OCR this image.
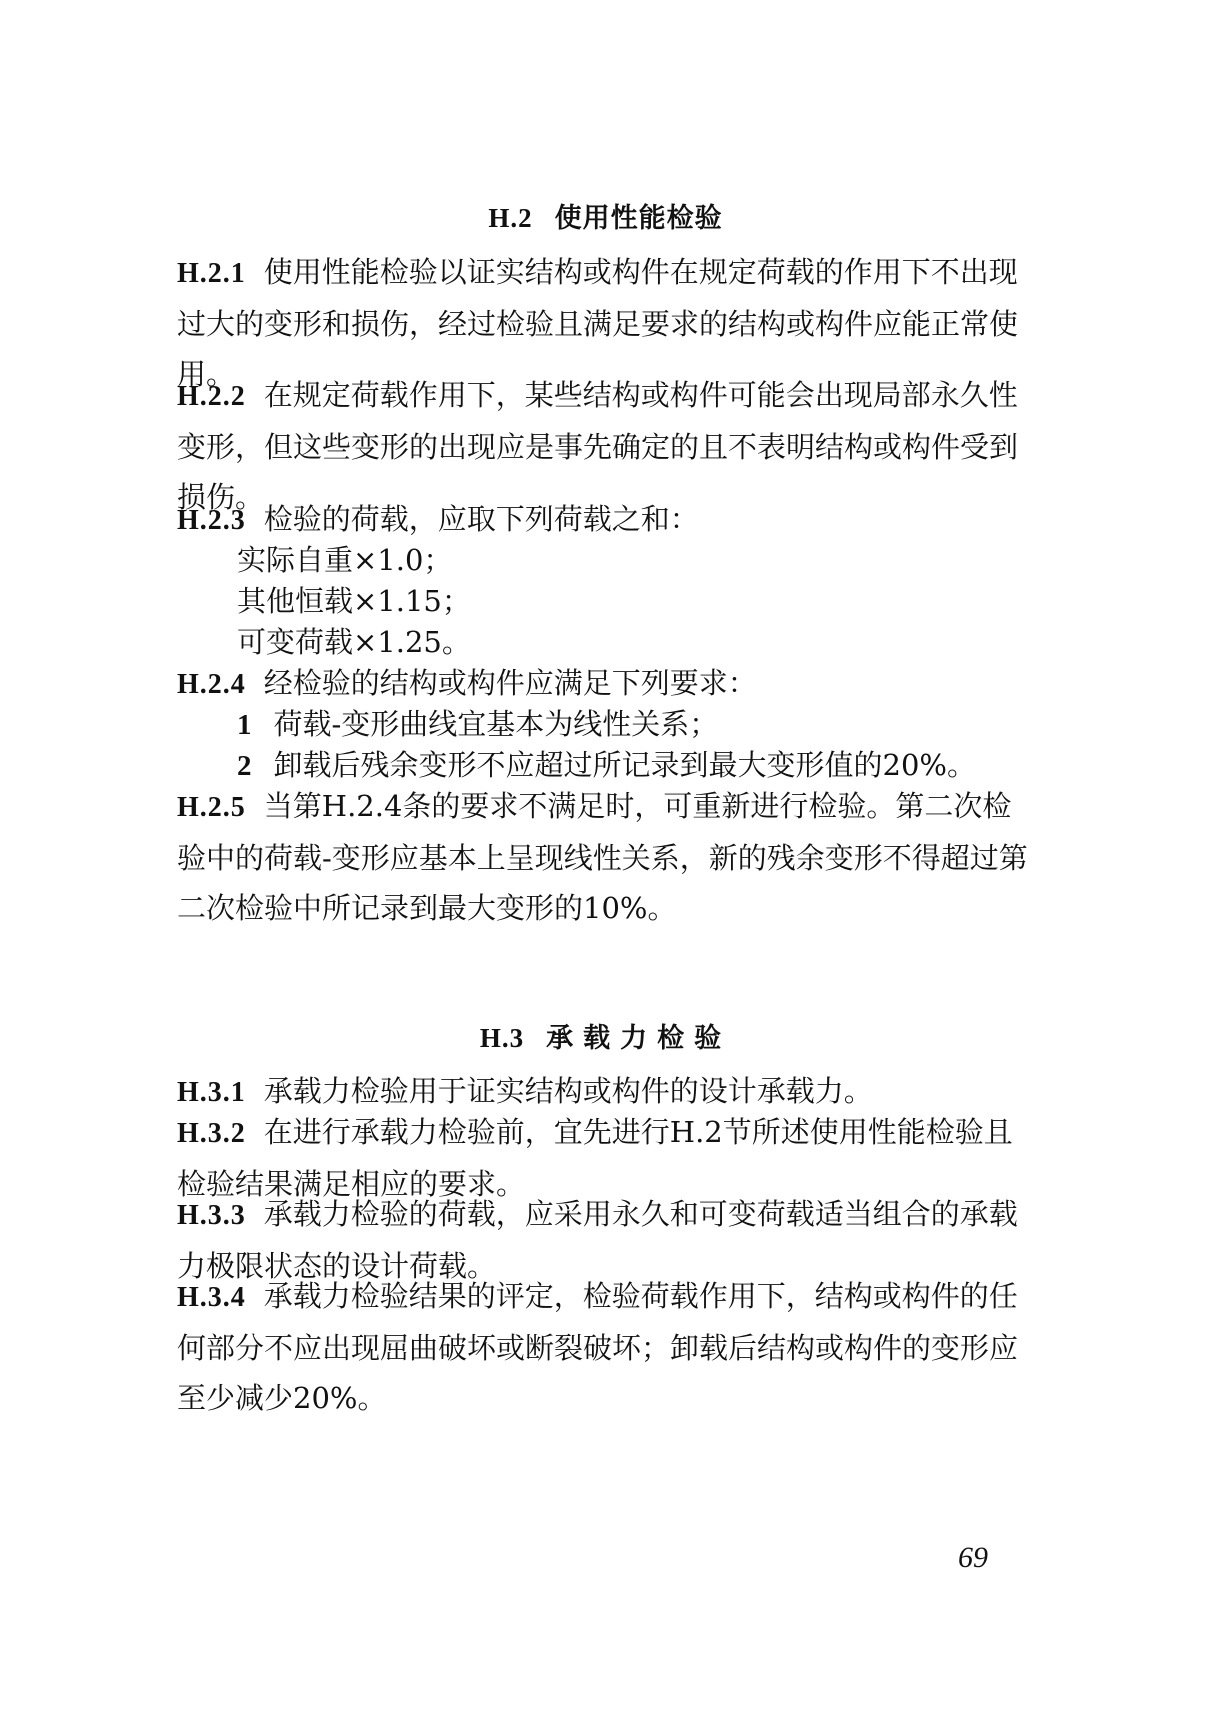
H.2 使用性能检验
H.2.1 使用性能检验以证实结构或构件在规定荷载的作用下不出现过大的变形和损伤，经过检验且满足要求的结构或构件应能正常使用。
H.2.2 在规定荷载作用下，某些结构或构件可能会出现局部永久性变形，但这些变形的出现应是事先确定的且不表明结构或构件受到损伤。
H.2.3 检验的荷载，应取下列荷载之和：
实际自重×1.0；
其他恒载×1.15；
可变荷载×1.25。
H.2.4 经检验的结构或构件应满足下列要求：
1 荷载-变形曲线宜基本为线性关系；
2 卸载后残余变形不应超过所记录到最大变形值的20%。
H.2.5 当第H.2.4条的要求不满足时，可重新进行检验。第二次检验中的荷载-变形应基本上呈现线性关系，新的残余变形不得超过第二次检验中所记录到最大变形的10%。
H.3 承载力检验
H.3.1 承载力检验用于证实结构或构件的设计承载力。
H.3.2 在进行承载力检验前，宜先进行H.2节所述使用性能检验且检验结果满足相应的要求。
H.3.3 承载力检验的荷载，应采用永久和可变荷载适当组合的承载力极限状态的设计荷载。
H.3.4 承载力检验结果的评定，检验荷载作用下，结构或构件的任何部分不应出现屈曲破坏或断裂破坏；卸载后结构或构件的变形应至少减少20%。
69
